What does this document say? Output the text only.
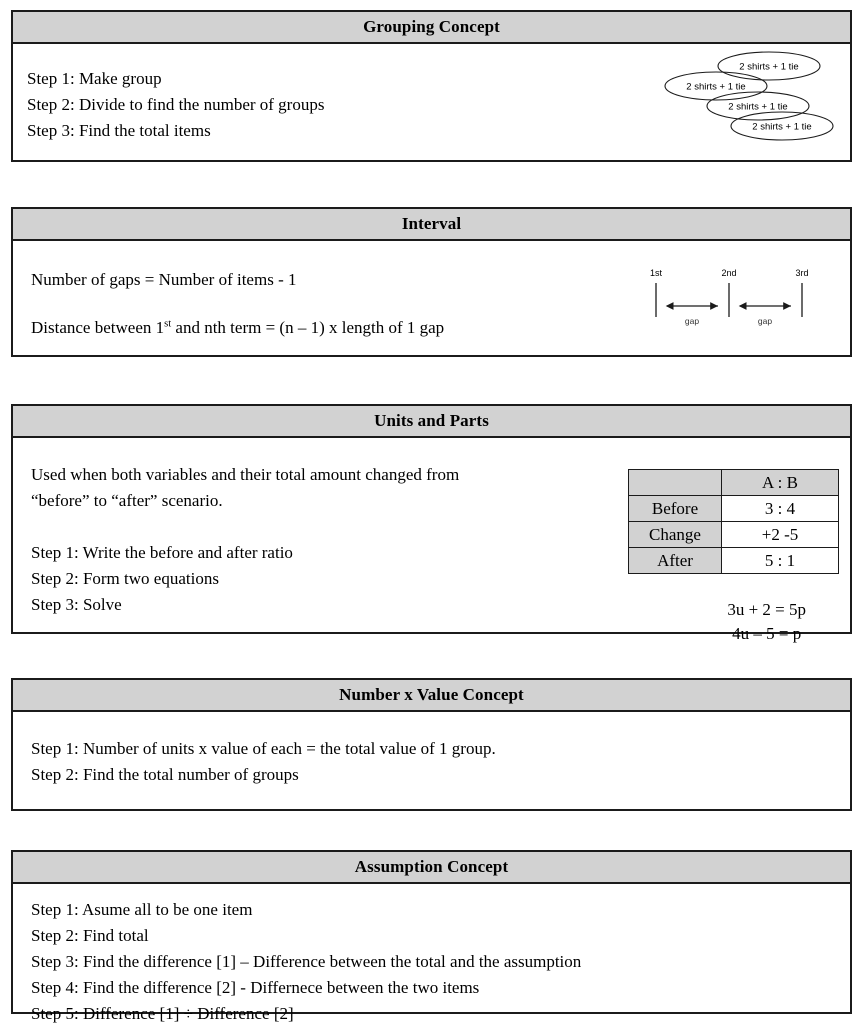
Grouping Concept
Step 1: Make group
Step 2: Divide to find the number of groups
Step 3: Find the total items
2 shirts + 1 tie
2 shirts + 1 tie
2 shirts + 1 tie
2 shirts + 1 tie
Interval
Number of gaps = Number of items - 1
Distance between 1st and nth term = (n – 1) x length of 1 gap
1st	2nd	3rd
gap	gap
Units and Parts
Used when both variables and their total amount changed from
“before” to “after” scenario.
Step 1: Write the before and after ratio
Step 2: Form two equations
Step 3: Solve
	A : B
Before	3 : 4
Change	+2 -5
After	5 : 1
3u + 2 = 5p
4u – 5 = p
Number x Value Concept
Step 1: Number of units x value of each = the total value of 1 group.
Step 2: Find the total number of groups
Assumption Concept
Step 1: Asume all to be one item
Step 2: Find total
Step 3: Find the difference [1] – Difference between the total and the assumption
Step 4: Find the difference [2] - Differnece between the two items
Step 5: Difference [1] ÷ Difference [2]
